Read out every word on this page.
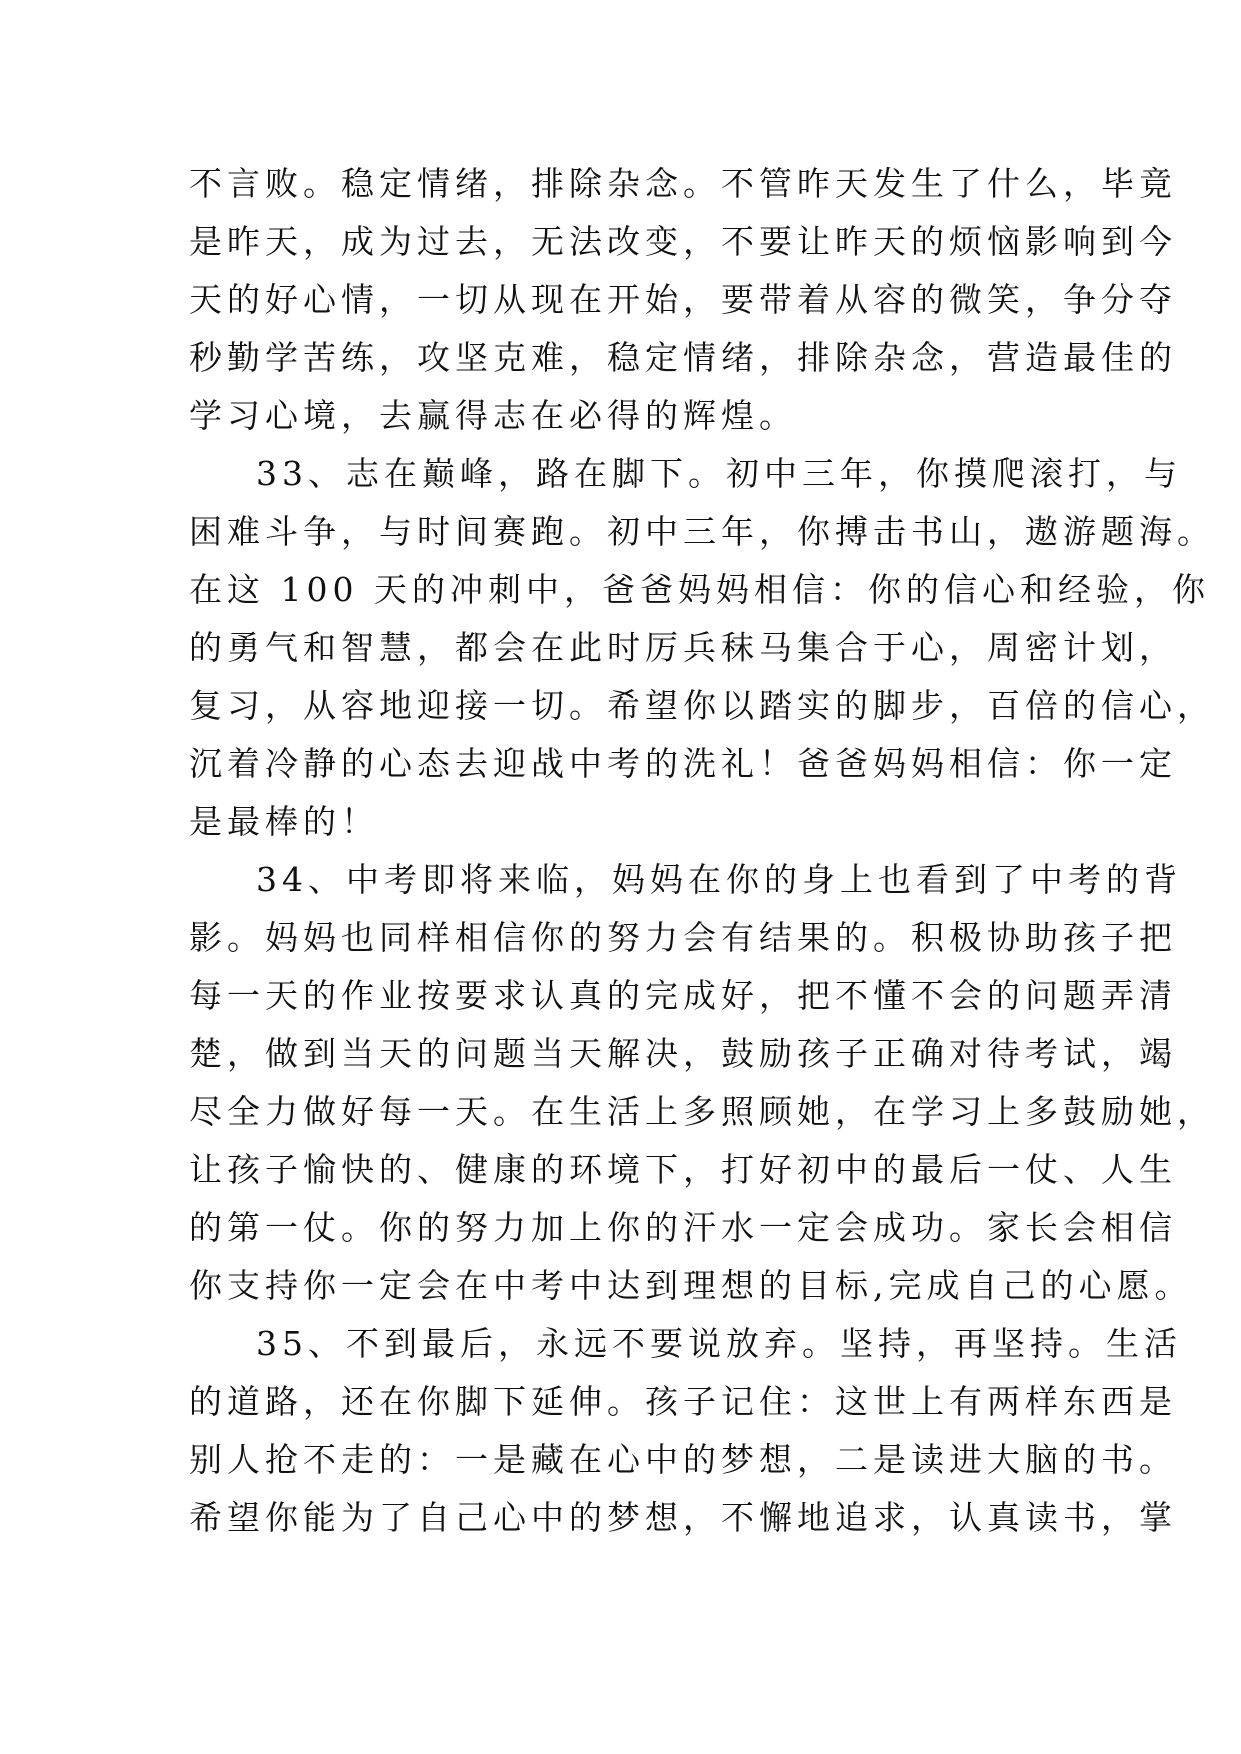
不言败。稳定情绪，排除杂念。不管昨天发生了什么，毕竟
是昨天，成为过去，无法改变，不要让昨天的烦恼影响到今
天的好心情，一切从现在开始，要带着从容的微笑，争分夺
秒勤学苦练，攻坚克难，稳定情绪，排除杂念，营造最佳的
学习心境，去赢得志在必得的辉煌。
33、志在巅峰，路在脚下。初中三年，你摸爬滚打，与
困难斗争，与时间赛跑。初中三年，你搏击书山，遨游题海。
在这 100 天的冲刺中，爸爸妈妈相信：你的信心和经验，你
的勇气和智慧，都会在此时厉兵秣马集合于心，周密计划，
复习，从容地迎接一切。希望你以踏实的脚步，百倍的信心，
沉着冷静的心态去迎战中考的洗礼！爸爸妈妈相信：你一定
是最棒的！
34、中考即将来临，妈妈在你的身上也看到了中考的背
影。妈妈也同样相信你的努力会有结果的。积极协助孩子把
每一天的作业按要求认真的完成好，把不懂不会的问题弄清
楚，做到当天的问题当天解决，鼓励孩子正确对待考试，竭
尽全力做好每一天。在生活上多照顾她，在学习上多鼓励她，
让孩子愉快的、健康的环境下，打好初中的最后一仗、人生
的第一仗。你的努力加上你的汗水一定会成功。家长会相信
你支持你一定会在中考中达到理想的目标,完成自己的心愿。
35、不到最后，永远不要说放弃。坚持，再坚持。生活
的道路，还在你脚下延伸。孩子记住：这世上有两样东西是
别人抢不走的：一是藏在心中的梦想，二是读进大脑的书。
希望你能为了自己心中的梦想，不懈地追求，认真读书，掌
